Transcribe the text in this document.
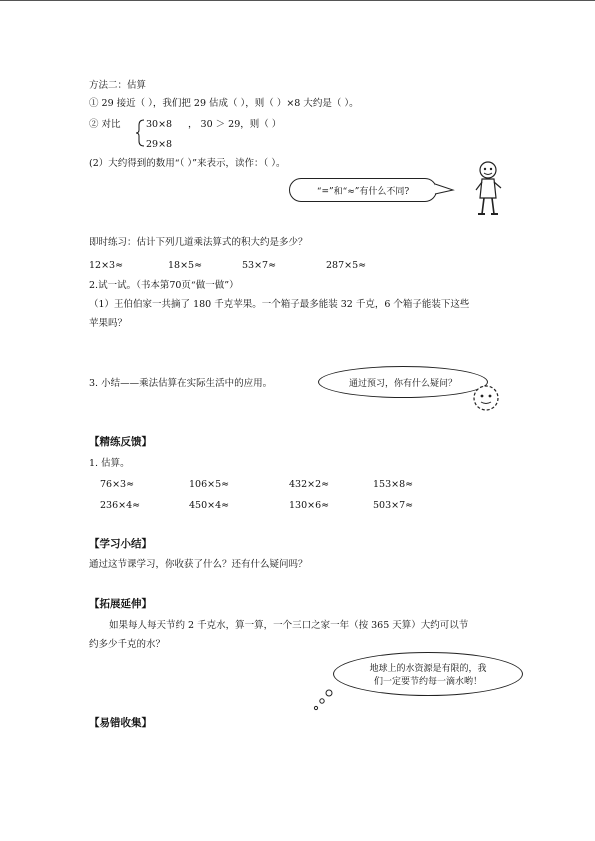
方法二：估算
① 29 接近（ ），我们把 29 估成（ ），则（ ）×8 大约是（ ）。
② 对比	30×8 ， 30 ＞ 29，则（ ）
29×8
(2）大约得到的数用“（ ）”来表示，读作：（ ）。
“=”和“≈”有什么不同?
即时练习：估计下列几道乘法算式的积大约是多少？
12×3≈	18×5≈	53×7≈	287×5≈
2.试一试。（书本第70页“做一做”）
（1）王伯伯家一共摘了 180 千克苹果。一个箱子最多能装 32 千克，6 个箱子能装下这些
苹果吗？
3. 小结——乘法估算在实际生活中的应用。	通过预习，你有什么疑问？
【精练反馈】
1. 估算。
76×3≈	106×5≈	432×2≈	153×8≈
236×4≈	450×4≈	130×6≈	503×7≈
【学习小结】
通过这节课学习，你收获了什么？还有什么疑问吗？
【拓展延伸】
如果每人每天节约 2 千克水，算一算，一个三口之家一年（按 365 天算）大约可以节
约多少千克的水？
地球上的水资源是有限的，我
们一定要节约每一滴水哟！
【易错收集】
